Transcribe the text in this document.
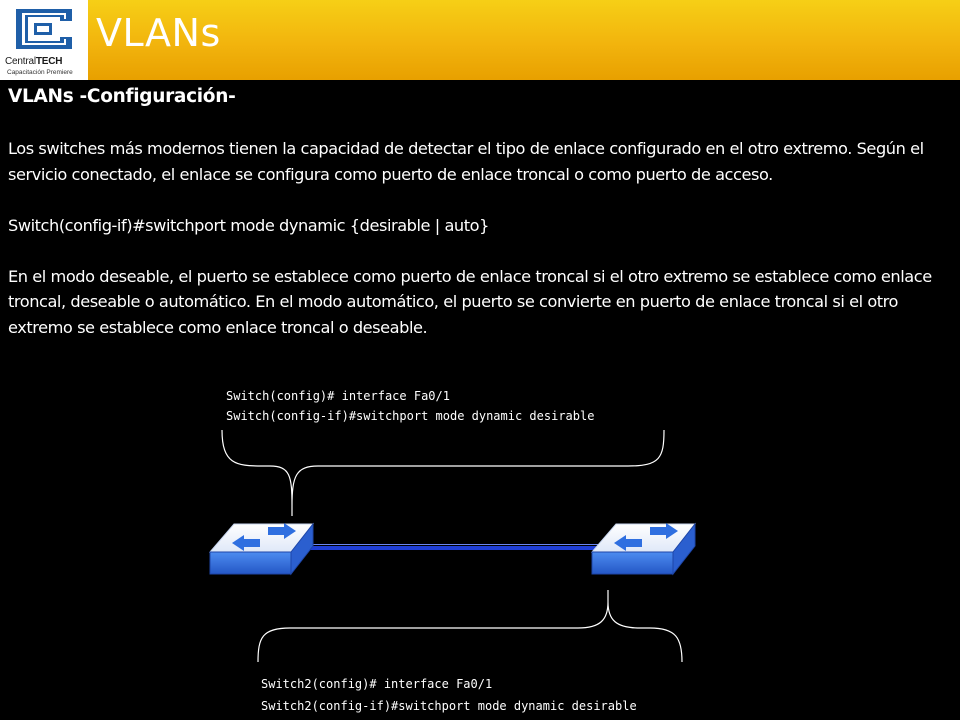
CentralTECH
Capacitación Premiere
VLANs
VLANs -Configuración-

Los switches más modernos tienen la capacidad de detectar el tipo de enlace configurado en el otro extremo. Según el servicio conectado, el enlace se configura como puerto de enlace troncal o como puerto de acceso.

Switch(config-if)#switchport mode dynamic {desirable | auto}

En el modo deseable, el puerto se establece como puerto de enlace troncal si el otro extremo se establece como enlace troncal, deseable o automático. En el modo automático, el puerto se convierte en puerto de enlace troncal si el otro extremo se establece como enlace troncal o deseable.

Switch(config)# interface Fa0/1
Switch(config-if)#switchport mode dynamic desirable
Switch2(config)# interface Fa0/1
Switch2(config-if)#switchport mode dynamic desirable
